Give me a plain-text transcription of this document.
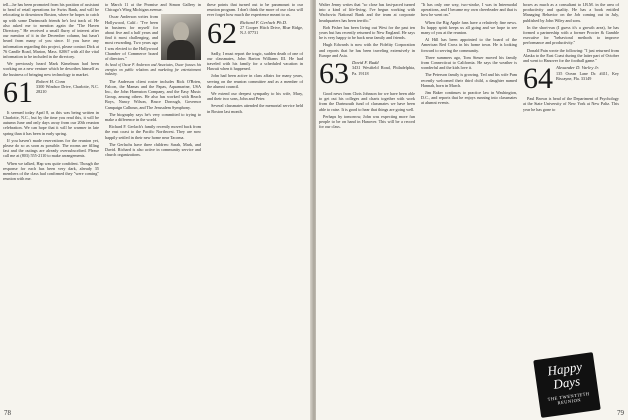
tell—he has been promoted from his position of assistant to head of retail operations for Swiss Bank, and will be relocating to downtown Boston, where he hopes to catch up with some Dartmouth friends he's lost track of. He also asked me to mention again the "The Haven Directory." He received a small flurry of interest after our mention of it in the December column, but hasn't heard from many of you since. If you have any information regarding this project, please contact Dick at 76 Candle Road, Marion, Mass. 02067 with all the vital information to be included in the directory.

We previously heard Mark Kimelman had been working on a new venture which he describes himself as the business of bringing new technology to market.

61 Robert H. Conn
3300 Windsor Drive, Charlotte, N.C. 28210

It seemed today April 8, as this was being written in Charlotte, N.C., but by the time you read this, it will be autumn June and only days away from our 20th reunion celebration. We can hope that it will be warmer in late spring than it has been in early spring.

If you haven't made reservations for the reunion yet, please do so as soon as possible. The rooms are filling fast and the outings are already oversubscribed. Please call me at (803) 555-2110 to make arrangements.

When we talked, Hap was quite confident. Though the response for each has been very dark, already 35 members of the class had confirmed they "were coming" reunion with me.

to March 11 at the Promise and Simon Gallery in Chicago's Wing Michigan avenue.

Oscar Anderson writes from Hollywood, Calif.: "I've been in business for myself for about five and a half years and find it most challenging, and most rewarding. Two years ago I was elected to the Hollywood Chamber of Commerce board of directors."

As head of Oscar P. Anderson and Associates, Oscar focuses his energies on public relations and marketing for entertainment industry.

The Anderson client roster includes Rick O'Brien, Falcon, the Mamas and the Papas, Aquamarine, USA Inc., the John Harmston Company, and the Easy Music Group, among others. He also has worked with Beach Boys, Nancy Wilson, Bruce Dorough, Governor Campaign Calhoun, and The Jerusalem Symphony.

The biography says he's very committed to trying to make a difference in the world.

Richard F. Gerlach's family recently moved back from the east coast to the Pacific Northwest. They are now happily settled in their new home near Tacoma.

The Gerlachs have three children: Sarah, Mark, and David. Richard is also active in community service and church organizations.

these points that turned out to be paramount to our reunion program. I don't think the more of our class will ever forget how much the experience meant to us.

62 Richard F. Gerlach Ph.D.
27 Cooper Hitch Drive, Blue Ridge, N.J. 07731

Sadly, I must report the tragic, sudden death of one of our classmates, John Barton Williams III. He had traveled with his family for a scheduled vacation in Hawaii when it happened.

John had been active in class affairs for many years, serving on the reunion committee and as a member of the alumni council.

We extend our deepest sympathy to his wife, Mary, and their two sons, John and Peter.

Several classmates attended the memorial service held in Boston last month.

78

Walter Jenny writes that "so close has fast-paced turned into a kind of life-living. I've begun working with Wachovia National Bank and the team at corporate headquarters has been terrific."

Bob Fisher has been living out West for the past ten years but has recently returned to New England. He says he is very happy to be back near family and friends.

Hugh Edwards is now with the Fidelity Corporation and reports that he has been traveling extensively in Europe and Asia.

63 David F. Budd
3431 Westfield Road, Philadelphia, Pa. 19118

Good news from Chris Johnson for we have been able to get out his colleges and charts together with work from the Dartmouth fund of classmates we have been able to raise. It is good to hear that things are going well.

Perhaps by tomorrow, John was expecting more fun people to be on hand in Hanover. This will be a record for our class.

"It has only one way, two-stroke, I was in Intermodal operations, and I became my own cheerleader and that is how he went on."

When the Big Apple fans have a relatively fine news. Its happy spirit keeps us all going and we hope to see many of you at the reunion.

Al Hill has been appointed to the board of the American Red Cross in his home town. He is looking forward to serving the community.

Three summers ago, Tom Steuer moved his family from Connecticut to California. He says the weather is wonderful and the kids love it.

The Peterson family is growing. Ted and his wife Pam recently welcomed their third child, a daughter named Hannah, born in March.

Jim Baker continues to practice law in Washington, D.C., and reports that he enjoys running into classmates at alumni events.

boxes as much as a consultant to I.B.M. in the area of productivity and quality. He has a book entitled Managing Behavior on the Job coming out in July, published by John Wiley and sons.

In the short-run (I guess it's a growth area), he has formed a partnership with a former Procter & Gamble executive for "behavioral methods to improve performance and productivity."

Donald Pain wrote the following: "I just returned from Alaska to the East Coast during the latter part of October and went to Hanover for the football game."

64 Alexander D. Varley Jr.
135 Ocean Lane Dr. #411, Key Biscayne, Fla. 33149

Paul Brown is head of the Department of Psychology at the State University of New York at New Paltz. This year he has gone to

Happy
Days
THE TWENTIETH REUNION
79
